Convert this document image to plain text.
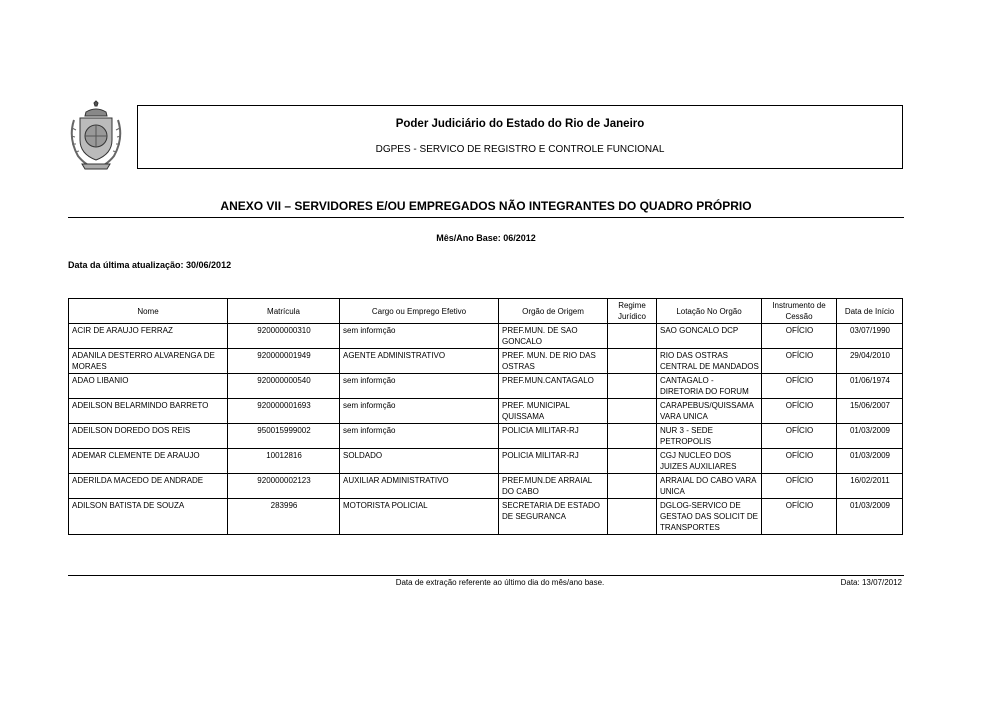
Poder Judiciário do Estado do Rio de Janeiro
DGPES - SERVICO DE REGISTRO E CONTROLE FUNCIONAL
ANEXO VII – SERVIDORES E/OU EMPREGADOS NÃO INTEGRANTES DO QUADRO PRÓPRIO
Mês/Ano Base: 06/2012
Data da última atualização: 30/06/2012
Nome	Matrícula	Cargo ou Emprego Efetivo	Orgão de Origem	Regime Jurídico	Lotação No Orgão	Instrumento de Cessão	Data de Início
ACIR DE ARAUJO FERRAZ	920000000310	sem informção	PREF.MUN. DE SAO GONCALO		SAO GONCALO DCP	OFÍCIO	03/07/1990
ADANILA DESTERRO ALVARENGA DE MORAES	920000001949	AGENTE ADMINISTRATIVO	PREF. MUN. DE RIO DAS OSTRAS		RIO DAS OSTRAS CENTRAL DE MANDADOS	OFÍCIO	29/04/2010
ADAO LIBANIO	920000000540	sem informção	PREF.MUN.CANTAGALO		CANTAGALO - DIRETORIA DO FORUM	OFÍCIO	01/06/1974
ADEILSON BELARMINDO BARRETO	920000001693	sem informção	PREF. MUNICIPAL QUISSAMA		CARAPEBUS/QUISSAMA VARA UNICA	OFÍCIO	15/06/2007
ADEILSON DOREDO DOS REIS	950015999002	sem informção	POLICIA MILITAR-RJ		NUR 3 - SEDE PETROPOLIS	OFÍCIO	01/03/2009
ADEMAR CLEMENTE DE ARAUJO	10012816	SOLDADO	POLICIA MILITAR-RJ		CGJ NUCLEO DOS JUIZES AUXILIARES	OFÍCIO	01/03/2009
ADERILDA MACEDO DE ANDRADE	920000002123	AUXILIAR ADMINISTRATIVO	PREF.MUN.DE ARRAIAL DO CABO		ARRAIAL DO CABO VARA UNICA	OFÍCIO	16/02/2011
ADILSON BATISTA DE SOUZA	283996	MOTORISTA POLICIAL	SECRETARIA DE ESTADO DE SEGURANCA		DGLOG-SERVICO DE GESTAO DAS SOLICIT DE TRANSPORTES	OFÍCIO	01/03/2009
Data de extração referente ao último dia do mês/ano base.	Data: 13/07/2012
